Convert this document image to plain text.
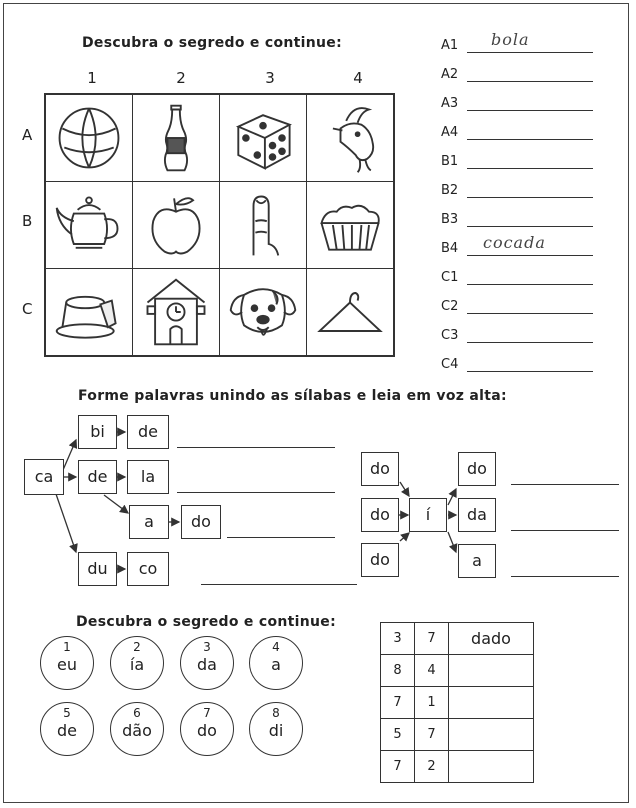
Descubra o segredo e continue:
1	2	3	4
A
B
C

A1 bola
A2
A3
A4
B1
B2
B3
B4 cocada
C1
C2
C3
C4
Forme palavras unindo as sílabas e leia em voz alta:
ca
bi	de
de	la
a	do
du	co
do
do
do
í
do
da
a
Descubra o segredo e continue:
1
eu
2
ía
3
da
4
a
5
de
6
dão
7
do
8
di
3	7	dado
8	4	
7	1	
5	7	
7	2	
